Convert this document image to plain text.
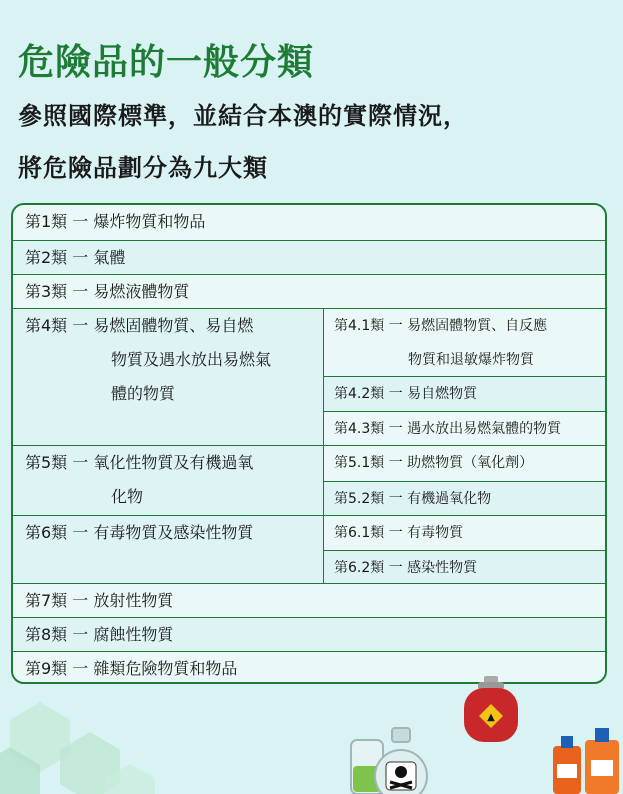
危險品的一般分類

參照國際標準，並結合本澳的實際情況，

將危險品劃分為九大類

第1類 一 爆炸物質和物品
第2類 一 氣體
第3類 一 易燃液體物質
第4類 一 易燃固體物質、易自燃
物質及遇水放出易燃氣
體的物質
第4.1類 一 易燃固體物質、自反應
物質和退敏爆炸物質
第4.2類 一 易自燃物質
第4.3類 一 遇水放出易燃氣體的物質
第5類 一 氧化性物質及有機過氧
化物
第5.1類 一 助燃物質（氧化劑）
第5.2類 一 有機過氧化物
第6類 一 有毒物質及感染性物質	第6.1類 一 有毒物質
第6.2類 一 感染性物質
第7類 一 放射性物質
第8類 一 腐蝕性物質
第9類 一 雜類危險物質和物品
▲
